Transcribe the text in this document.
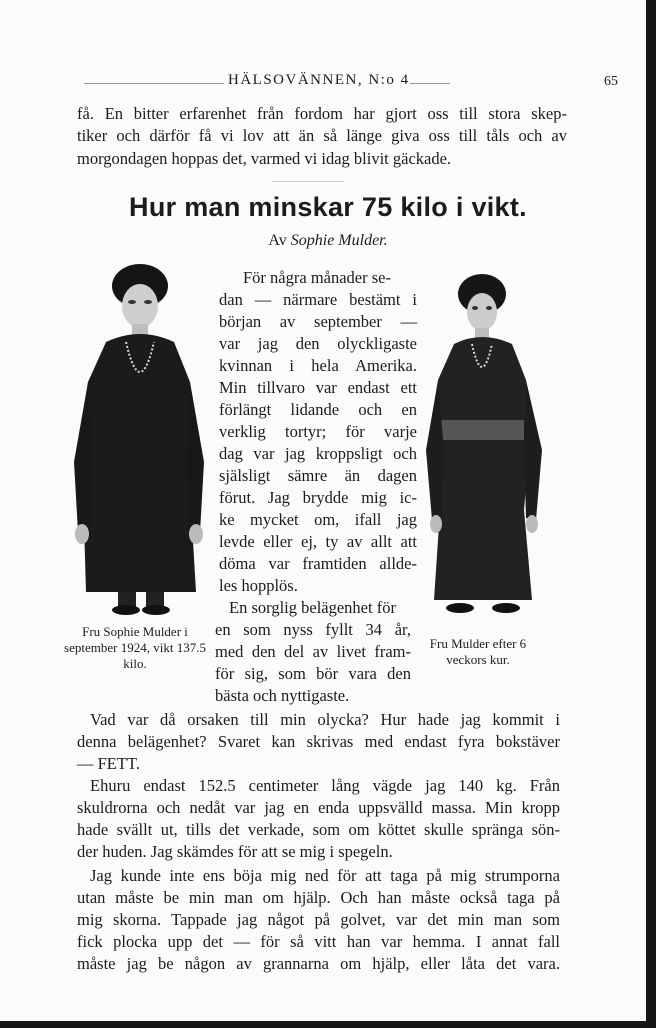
HÄLSOVÄNNEN, N:o 4	65
få. En bitter erfarenhet från fordom har gjort oss till stora skep-
tiker och därför få vi lov att än så länge giva oss till tåls och av
morgondagen hoppas det, varmed vi idag blivit gäckade.
Hur man minskar 75 kilo i vikt.
Av Sophie Mulder.
Fru Sophie Mulder i september 1924, vikt 137.5 kilo.
Fru Mulder efter 6 veckors kur.
För några månader se-
dan — närmare bestämt i
början av september —
var jag den olyckligaste
kvinnan i hela Amerika.
Min tillvaro var endast ett
förlängt lidande och en
verklig tortyr; för varje
dag var jag kroppsligt och
själsligt sämre än dagen
förut. Jag brydde mig ic-
ke mycket om, ifall jag
levde eller ej, ty av allt att
döma var framtiden allde-
les hopplös.
En sorglig belägenhet för
en som nyss fyllt 34 år,
med den del av livet fram-
för sig, som bör vara den
bästa och nyttigaste.
Vad var då orsaken till min olycka? Hur hade jag kommit i
denna belägenhet? Svaret kan skrivas med endast fyra bokstäver
— FETT.
Ehuru endast 152.5 centimeter lång vägde jag 140 kg. Från
skuldrorna och nedåt var jag en enda uppsvälld massa. Min kropp
hade svällt ut, tills det verkade, som om köttet skulle spränga sön-
der huden. Jag skämdes för att se mig i spegeln.
Jag kunde inte ens böja mig ned för att taga på mig strumporna
utan måste be min man om hjälp. Och han måste också taga på
mig skorna. Tappade jag något på golvet, var det min man som
fick plocka upp det — för så vitt han var hemma. I annat fall
måste jag be någon av grannarna om hjälp, eller låta det vara.
